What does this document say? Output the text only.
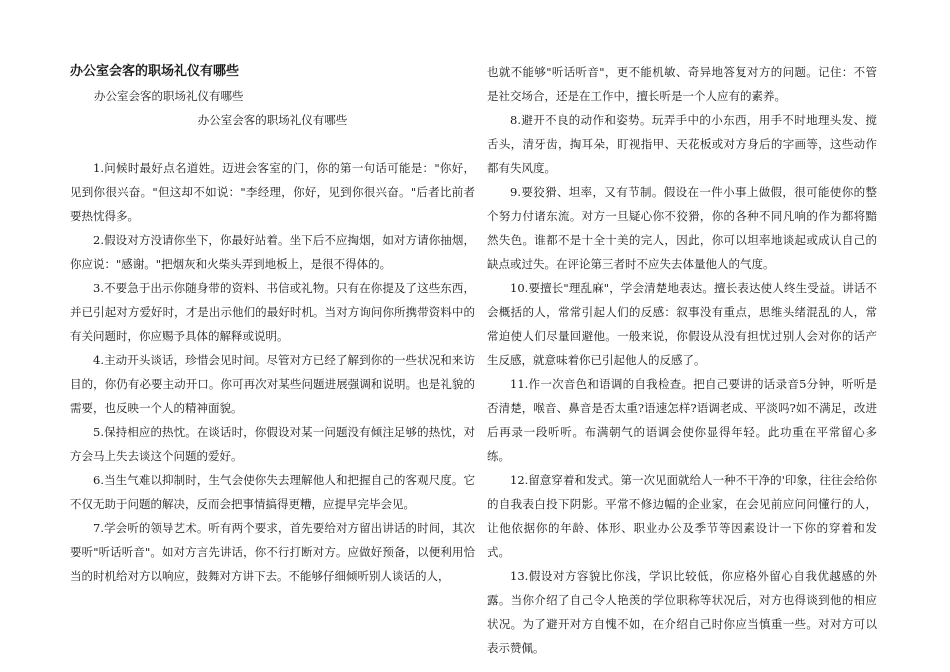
办公室会客的职场礼仪有哪些

办公室会客的职场礼仪有哪些

办公室会客的职场礼仪有哪些

1.问候时最好点名道姓。迈进会客室的门，你的第一句话可能是："你好，见到你很兴奋。"但这却不如说："李经理，你好，见到你很兴奋。"后者比前者要热忱得多。

2.假设对方没请你坐下，你最好站着。坐下后不应掏烟，如对方请你抽烟，你应说："感谢。"把烟灰和火柴头弄到地板上，是很不得体的。

3.不要急于出示你随身带的资料、书信或礼物。只有在你提及了这些东西，并已引起对方爱好时，才是出示他们的最好时机。当对方询问你所携带资料中的有关问题时，你应赐予具体的解释或说明。

4.主动开头谈话，珍惜会见时间。尽管对方已经了解到你的一些状况和来访目的，你仍有必要主动开口。你可再次对某些问题进展强调和说明。也是礼貌的需要，也反映一个人的精神面貌。

5.保持相应的热忱。在谈话时，你假设对某一问题没有倾注足够的热忱，对方会马上失去谈这个问题的爱好。

6.当生气难以抑制时，生气会使你失去理解他人和把握自己的客观尺度。它不仅无助于问题的解决，反而会把事情搞得更糟，应提早完毕会见。

7.学会听的领导艺术。听有两个要求，首先要给对方留出讲话的时间，其次要听"听话听音"。如对方言先讲话，你不行打断对方。应做好预备，以便利用恰当的时机给对方以响应，鼓舞对方讲下去。不能够仔细倾听别人谈话的人，

也就不能够"听话听音"，更不能机敏、奇异地答复对方的问题。记住：不管是社交场合，还是在工作中，擅长听是一个人应有的素养。

8.避开不良的动作和姿势。玩弄手中的小东西，用手不时地理头发、搅舌头，清牙齿，掏耳朵，盯视指甲、天花板或对方身后的字画等，这些动作都有失风度。

9.要狡猾、坦率，又有节制。假设在一件小事上做假，很可能使你的整个努力付诸东流。对方一旦疑心你不狡猾，你的各种不同凡响的作为都将黯然失色。谁都不是十全十美的完人，因此，你可以坦率地谈起或成认自己的缺点或过失。在评论第三者时不应失去体量他人的气度。

10.要擅长"理乱麻"，学会清楚地表达。擅长表达使人终生受益。讲话不会概括的人，常常引起人们的反感：叙事没有重点，思维头绪混乱的人，常常迫使人们尽量回避他。一般来说，你假设从没有担忧过别人会对你的话产生反感，就意味着你已引起他人的反感了。

11.作一次音色和语调的自我检查。把自己要讲的话录音5分钟，听听是否清楚，喉音、鼻音是否太重?语速怎样?语调老成、平淡吗?如不满足，改进后再录一段听听。布满朝气的语调会使你显得年轻。此功重在平常留心多练。

12.留意穿着和发式。第一次见面就给人一种不干净的'印象，往往会给你的自我表白投下阴影。平常不修边幅的企业家，在会见前应问问懂行的人，让他依据你的年龄、体形、职业办公及季节等因素设计一下你的穿着和发式。

13.假设对方容貌比你浅，学识比较低，你应格外留心自我优越感的外露。当你介绍了自己令人艳羡的学位职称等状况后，对方也得谈到他的相应状况。为了避开对方自愧不如，在介绍自己时你应当慎重一些。对对方可以表示赞佩。
